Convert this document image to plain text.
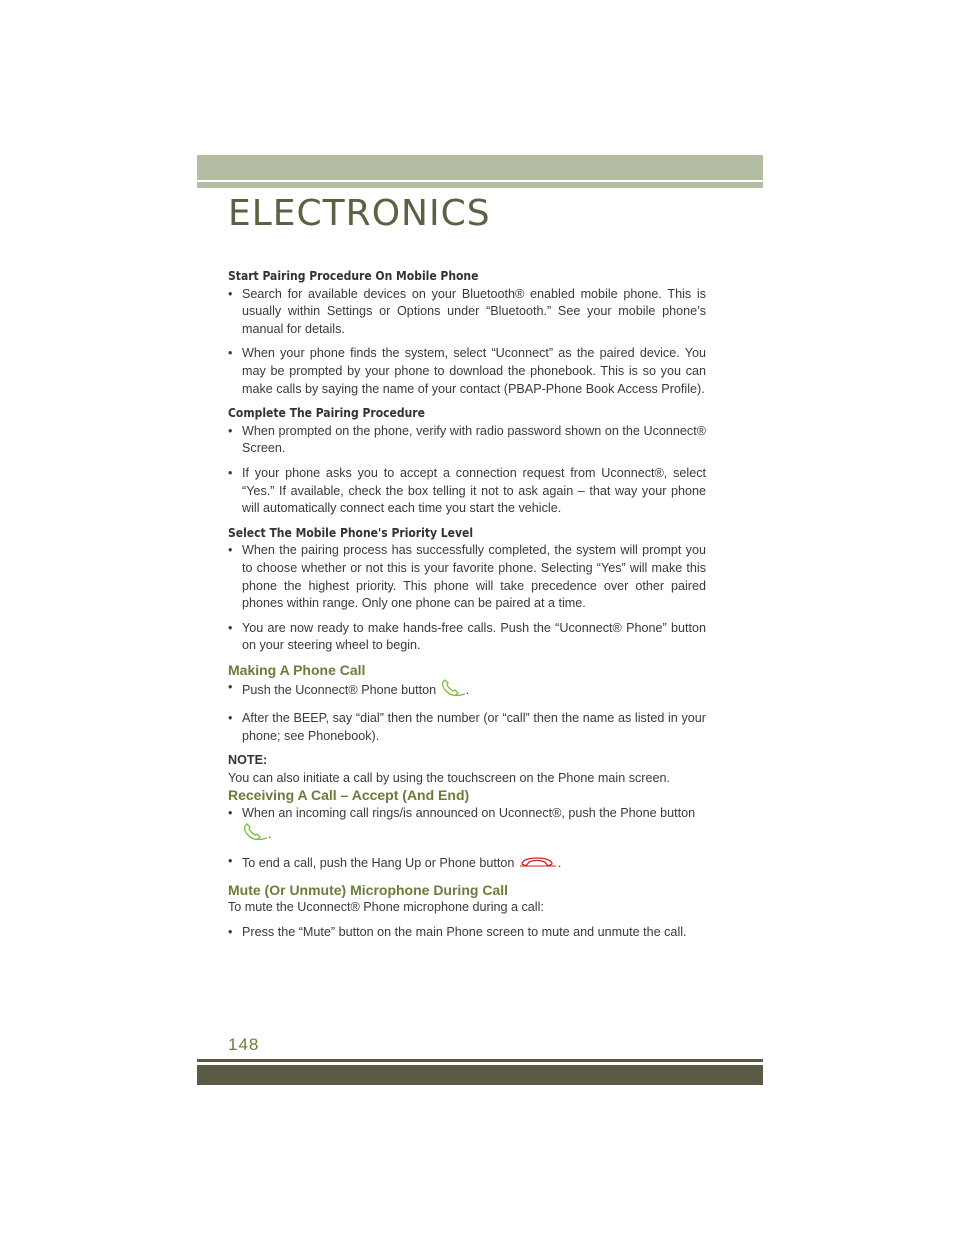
ELECTRONICS

Start Pairing Procedure On Mobile Phone

• Search for available devices on your Bluetooth® enabled mobile phone. This is usually within Settings or Options under “Bluetooth.” See your mobile phone’s manual for details.
• When your phone finds the system, select “Uconnect” as the paired device. You may be prompted by your phone to download the phonebook. This is so you can make calls by saying the name of your contact (PBAP-Phone Book Access Profile).

Complete The Pairing Procedure

• When prompted on the phone, verify with radio password shown on the Uconnect® Screen.
• If your phone asks you to accept a connection request from Uconnect®, select “Yes.” If available, check the box telling it not to ask again – that way your phone will automatically connect each time you start the vehicle.

Select The Mobile Phone's Priority Level

• When the pairing process has successfully completed, the system will prompt you to choose whether or not this is your favorite phone. Selecting “Yes” will make this phone the highest priority. This phone will take precedence over other paired phones within range. Only one phone can be paired at a time.
• You are now ready to make hands-free calls. Push the “Uconnect® Phone” button on your steering wheel to begin.

Making A Phone Call

• Push the Uconnect® Phone button .
• After the BEEP, say “dial” then the number (or “call” then the name as listed in your phone; see Phonebook).

NOTE:

You can also initiate a call by using the touchscreen on the Phone main screen.

Receiving A Call – Accept (And End)

• When an incoming call rings/is announced on Uconnect®, push the Phone button
.
• To end a call, push the Hang Up or Phone button	.

Mute (Or Unmute) Microphone During Call

To mute the Uconnect® Phone microphone during a call:

• Press the “Mute” button on the main Phone screen to mute and unmute the call.
148
